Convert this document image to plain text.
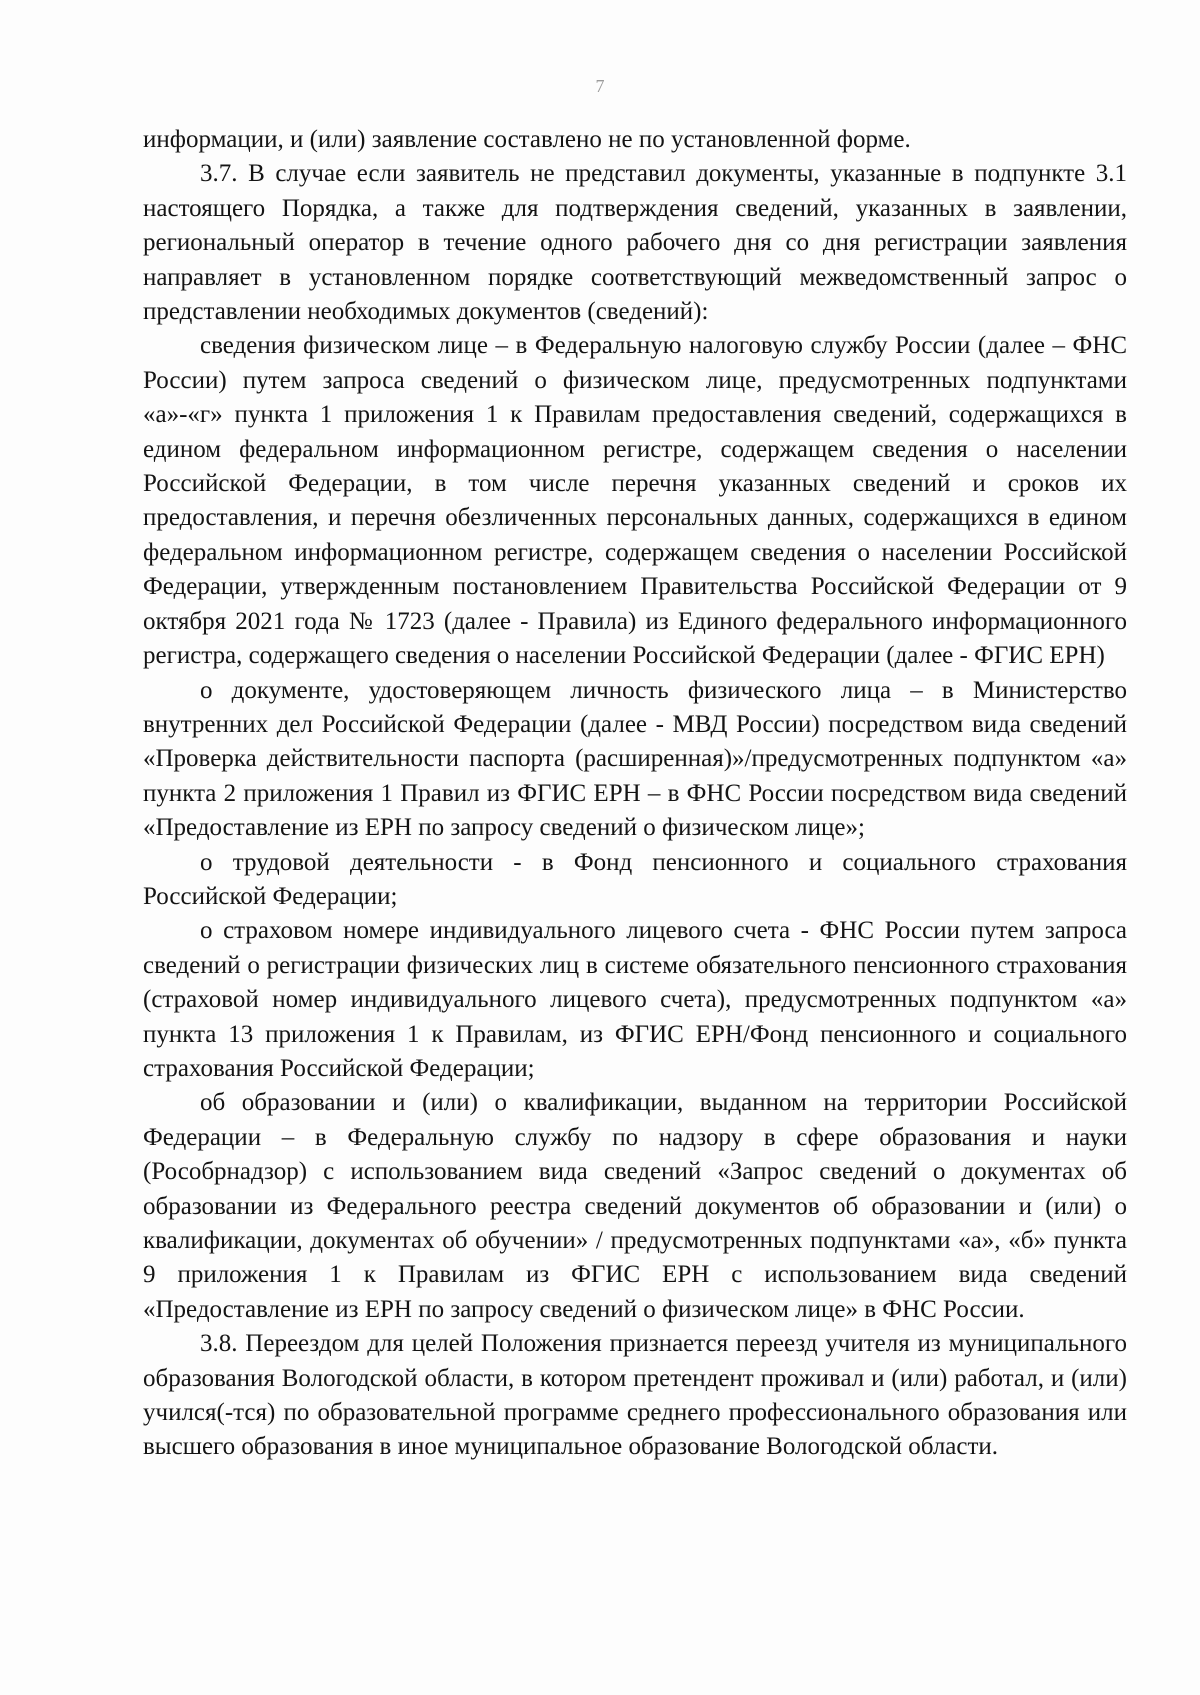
7

информации, и (или) заявление составлено не по установленной форме.

3.7. В случае если заявитель не представил документы, указанные в подпункте 3.1 настоящего Порядка, а также для подтверждения сведений, указанных в заявлении, региональный оператор в течение одного рабочего дня со дня регистрации заявления направляет в установленном порядке соответствующий межведомственный запрос о представлении необходимых документов (сведений):

сведения физическом лице – в Федеральную налоговую службу России (далее – ФНС России) путем запроса сведений о физическом лице, предусмотренных подпунктами «а»-«г» пункта 1 приложения 1 к Правилам предоставления сведений, содержащихся в едином федеральном информационном регистре, содержащем сведения о населении Российской Федерации, в том числе перечня указанных сведений и сроков их предоставления, и перечня обезличенных персональных данных, содержащихся в едином федеральном информационном регистре, содержащем сведения о населении Российской Федерации, утвержденным постановлением Правительства Российской Федерации от 9 октября 2021 года № 1723 (далее - Правила) из Единого федерального информационного регистра, содержащего сведения о населении Российской Федерации (далее - ФГИС ЕРН)

о документе, удостоверяющем личность физического лица – в Министерство внутренних дел Российской Федерации (далее - МВД России) посредством вида сведений «Проверка действительности паспорта (расширенная)»/предусмотренных подпунктом «а» пункта 2 приложения 1 Правил из ФГИС ЕРН – в ФНС России посредством вида сведений «Предоставление из ЕРН по запросу сведений о физическом лице»;

о трудовой деятельности - в Фонд пенсионного и социального страхования Российской Федерации;

о страховом номере индивидуального лицевого счета - ФНС России путем запроса сведений о регистрации физических лиц в системе обязательного пенсионного страхования (страховой номер индивидуального лицевого счета), предусмотренных подпунктом «а» пункта 13 приложения 1 к Правилам, из ФГИС ЕРН/Фонд пенсионного и социального страхования Российской Федерации;

об образовании и (или) о квалификации, выданном на территории Российской Федерации – в Федеральную службу по надзору в сфере образования и науки (Рособрнадзор) с использованием вида сведений «Запрос сведений о документах об образовании из Федерального реестра сведений документов об образовании и (или) о квалификации, документах об обучении» / предусмотренных подпунктами «а», «б» пункта 9 приложения 1 к Правилам из ФГИС ЕРН с использованием вида сведений «Предоставление из ЕРН по запросу сведений о физическом лице» в ФНС России.

3.8. Переездом для целей Положения признается переезд учителя из муниципального образования Вологодской области, в котором претендент проживал и (или) работал, и (или) учился(-тся) по образовательной программе среднего профессионального образования или высшего образования в иное муниципальное образование Вологодской области.
